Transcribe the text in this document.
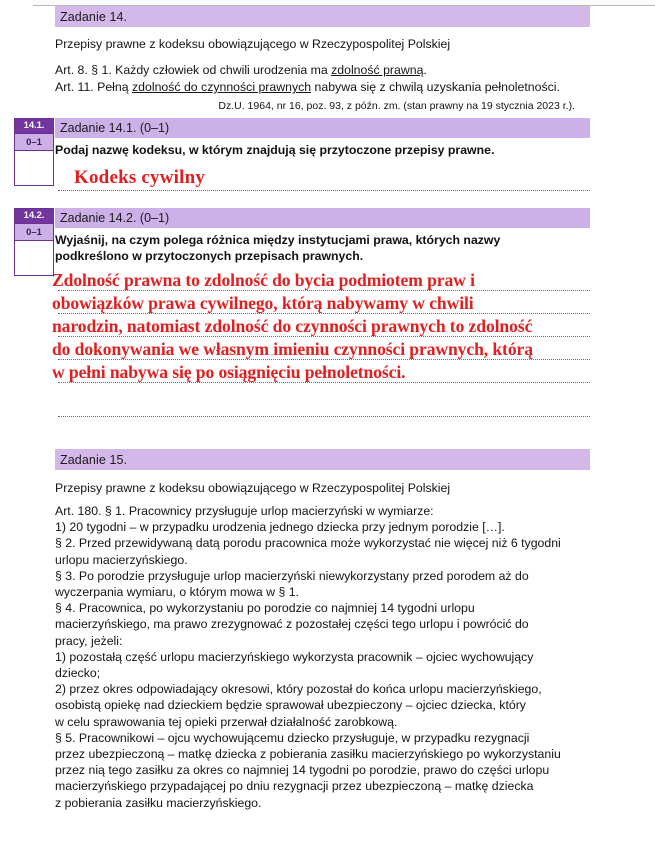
Zadanie 14.
Przepisy prawne z kodeksu obowiązującego w Rzeczypospolitej Polskiej
Art. 8. § 1. Każdy człowiek od chwili urodzenia ma zdolność prawną.
Art. 11. Pełną zdolność do czynności prawnych nabywa się z chwilą uzyskania pełnoletności.
Dz.U. 1964, nr 16, poz. 93, z późn. zm. (stan prawny na 19 stycznia 2023 r.).
14.1.
0–1
Zadanie 14.1. (0–1)
Podaj nazwę kodeksu, w którym znajdują się przytoczone przepisy prawne.
Kodeks cywilny
14.2.
0–1
Zadanie 14.2. (0–1)
Wyjaśnij, na czym polega różnica między instytucjami prawa, których nazwy
podkreślono w przytoczonych przepisach prawnych.
Zdolność prawna to zdolność do bycia podmiotem praw i
obowiązków prawa cywilnego, którą nabywamy w chwili
narodzin, natomiast zdolność do czynności prawnych to zdolność
do dokonywania we własnym imieniu czynności prawnych, którą
w pełni nabywa się po osiągnięciu pełnoletności.
Zadanie 15.
Przepisy prawne z kodeksu obowiązującego w Rzeczypospolitej Polskiej
Art. 180. § 1. Pracownicy przysługuje urlop macierzyński w wymiarze:
1) 20 tygodni – w przypadku urodzenia jednego dziecka przy jednym porodzie […].
§ 2. Przed przewidywaną datą porodu pracownica może wykorzystać nie więcej niż 6 tygodni
urlopu macierzyńskiego.
§ 3. Po porodzie przysługuje urlop macierzyński niewykorzystany przed porodem aż do
wyczerpania wymiaru, o którym mowa w § 1.
§ 4. Pracownica, po wykorzystaniu po porodzie co najmniej 14 tygodni urlopu
macierzyńskiego, ma prawo zrezygnować z pozostałej części tego urlopu i powrócić do
pracy, jeżeli:
1) pozostałą część urlopu macierzyńskiego wykorzysta pracownik – ojciec wychowujący
dziecko;
2) przez okres odpowiadający okresowi, który pozostał do końca urlopu macierzyńskiego,
osobistą opiekę nad dzieckiem będzie sprawował ubezpieczony – ojciec dziecka, który
w celu sprawowania tej opieki przerwał działalność zarobkową.
§ 5. Pracownikowi – ojcu wychowującemu dziecko przysługuje, w przypadku rezygnacji
przez ubezpieczoną – matkę dziecka z pobierania zasiłku macierzyńskiego po wykorzystaniu
przez nią tego zasiłku za okres co najmniej 14 tygodni po porodzie, prawo do części urlopu
macierzyńskiego przypadającej po dniu rezygnacji przez ubezpieczoną – matkę dziecka
z pobierania zasiłku macierzyńskiego.
